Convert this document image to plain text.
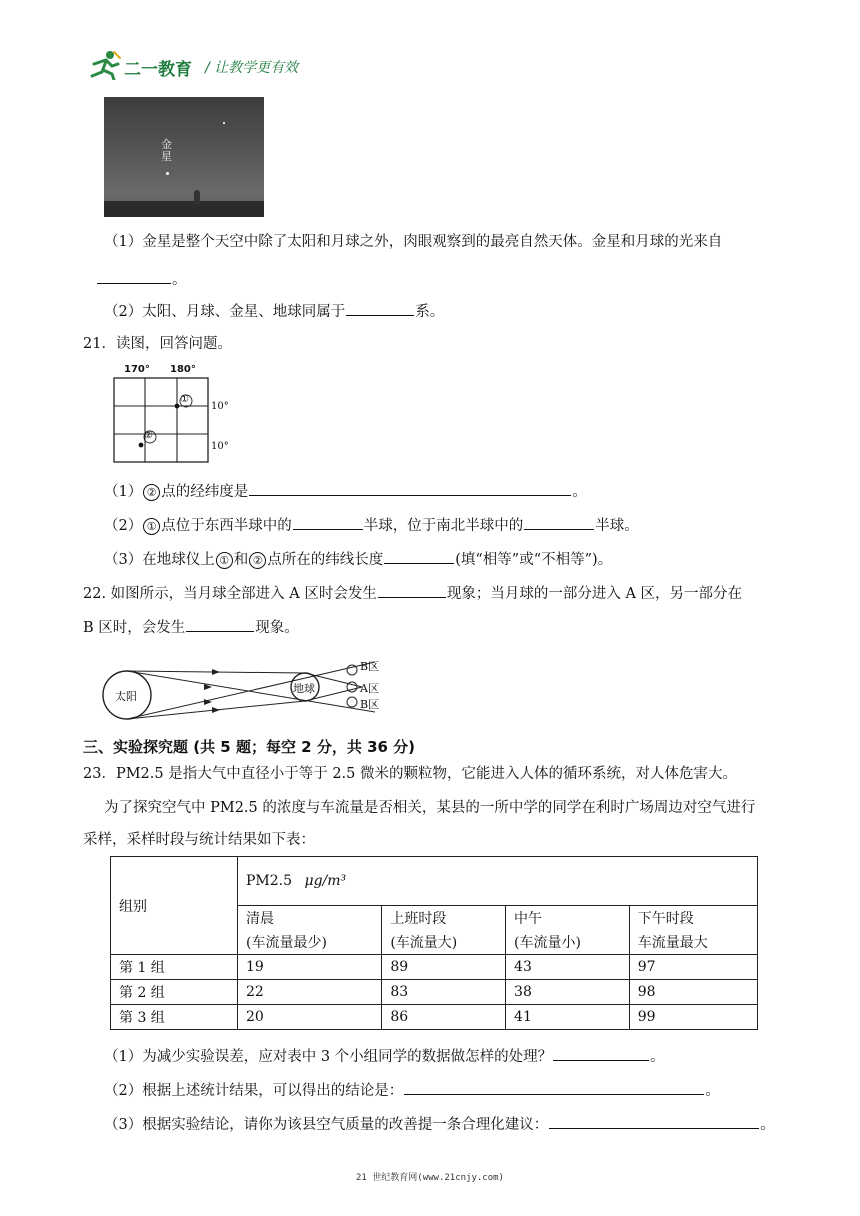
二一教育 / 让教学更有效
金星
（1）金星是整个天空中除了太阳和月球之外，肉眼观察到的最亮自然天体。金星和月球的光来自
。
（2）太阳、月球、金星、地球同属于	系。
21．读图，回答问题。
170° 180°
10°
10°
①
②
（1） ② 点的经纬度是	。
（2） ① 点位于东西半球中的	半球，位于南北半球中的	半球。
（3）在地球仪上 ① 和 ② 点所在的纬线长度	(填“相等”或“不相等”)。
22. 如图所示，当月球全部进入 A 区时会发生	现象；当月球的一部分进入 A 区，另一部分在
B 区时，会发生	现象。
太阳
地球
B区
A区
B区
三、实验探究题 (共 5 题；每空 2 分，共 36 分)
23．PM2.5 是指大气中直径小于等于 2.5 微米的颗粒物，它能进入人体的循环系统，对人体危害大。
为了探究空气中 PM2.5 的浓度与车流量是否相关，某县的一所中学的同学在利时广场周边对空气进行
采样，采样时段与统计结果如下表：
组别	PM2.5 μg/m³			
	清晨	上班时段	中午	下午时段
	(车流量最少)	(车流量大)	(车流量小)	车流量最大
第 1 组	19	89	43	97
第 2 组	22	83	38	98
第 3 组	20	86	41	99
（1）为减少实验误差，应对表中 3 个小组同学的数据做怎样的处理？	。
（2）根据上述统计结果，可以得出的结论是：	。
（3）根据实验结论，请你为该县空气质量的改善提一条合理化建议：	。
21 世纪教育网(www.21cnjy.com)
